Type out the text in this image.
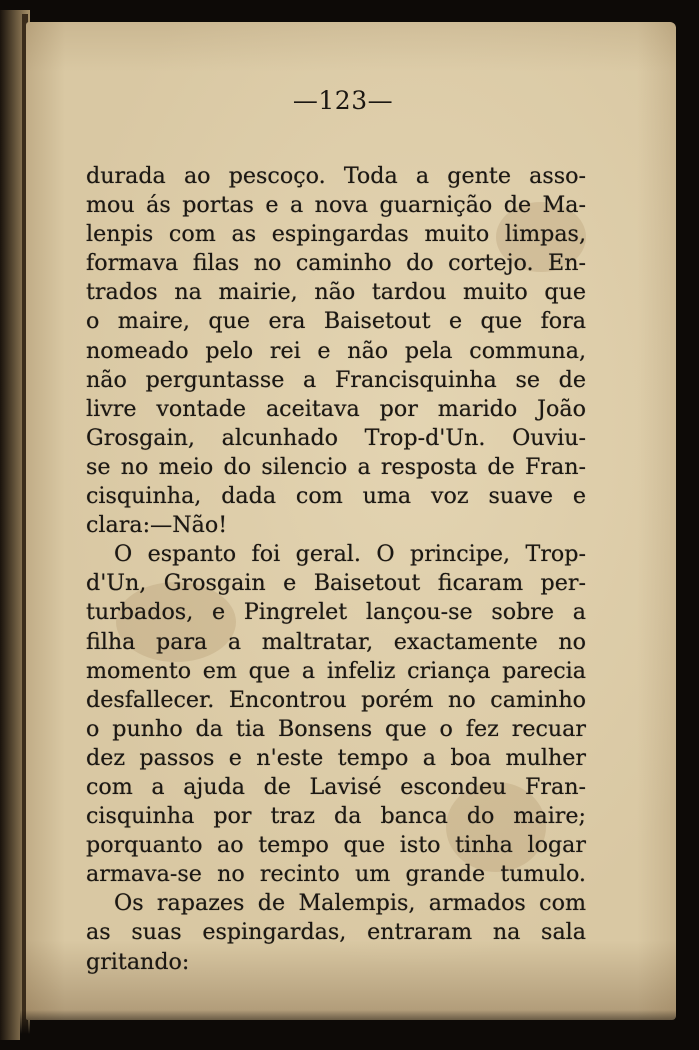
—123—
durada ao pescoço. Toda a gente asso-
mou ás portas e a nova guarnição de Ma-
lenpis com as espingardas muito limpas,
formava filas no caminho do cortejo. En-
trados na mairie, não tardou muito que
o maire, que era Baisetout e que fora
nomeado pelo rei e não pela communa,
não perguntasse a Francisquinha se de
livre vontade aceitava por marido João
Grosgain, alcunhado Trop-d'Un. Ouviu-
se no meio do silencio a resposta de Fran-
cisquinha, dada com uma voz suave e
clara:—Não!
O espanto foi geral. O principe, Trop-
d'Un, Grosgain e Baisetout ficaram per-
turbados, e Pingrelet lançou-se sobre a
filha para a maltratar, exactamente no
momento em que a infeliz criança parecia
desfallecer. Encontrou porém no caminho
o punho da tia Bonsens que o fez recuar
dez passos e n'este tempo a boa mulher
com a ajuda de Lavisé escondeu Fran-
cisquinha por traz da banca do maire;
porquanto ao tempo que isto tinha logar
armava-se no recinto um grande tumulo.
Os rapazes de Malempis, armados com
as suas espingardas, entraram na sala
gritando:
